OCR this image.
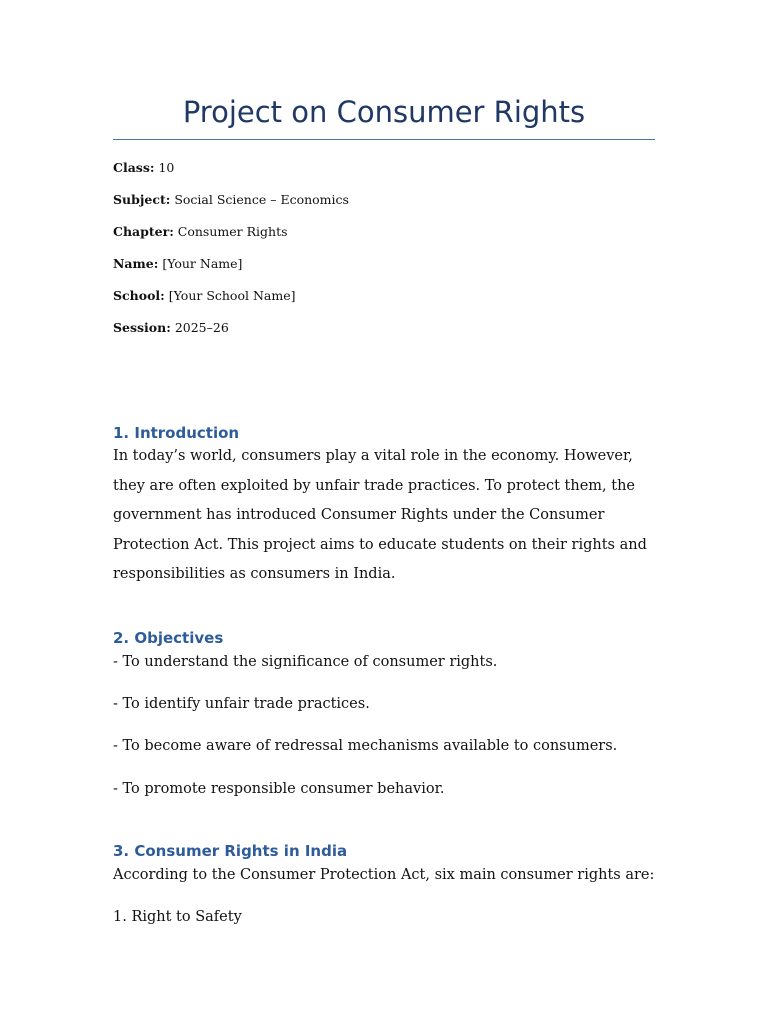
Project on Consumer Rights

Class: 10

Subject: Social Science – Economics

Chapter: Consumer Rights

Name: [Your Name]

School: [Your School Name]

Session: 2025–26

1. Introduction

In today’s world, consumers play a vital role in the economy. However, they are often exploited by unfair trade practices. To protect them, the government has introduced Consumer Rights under the Consumer Protection Act. This project aims to educate students on their rights and responsibilities as consumers in India.

2. Objectives

- To understand the significance of consumer rights.

- To identify unfair trade practices.

- To become aware of redressal mechanisms available to consumers.

- To promote responsible consumer behavior.

3. Consumer Rights in India

According to the Consumer Protection Act, six main consumer rights are:

1. Right to Safety
